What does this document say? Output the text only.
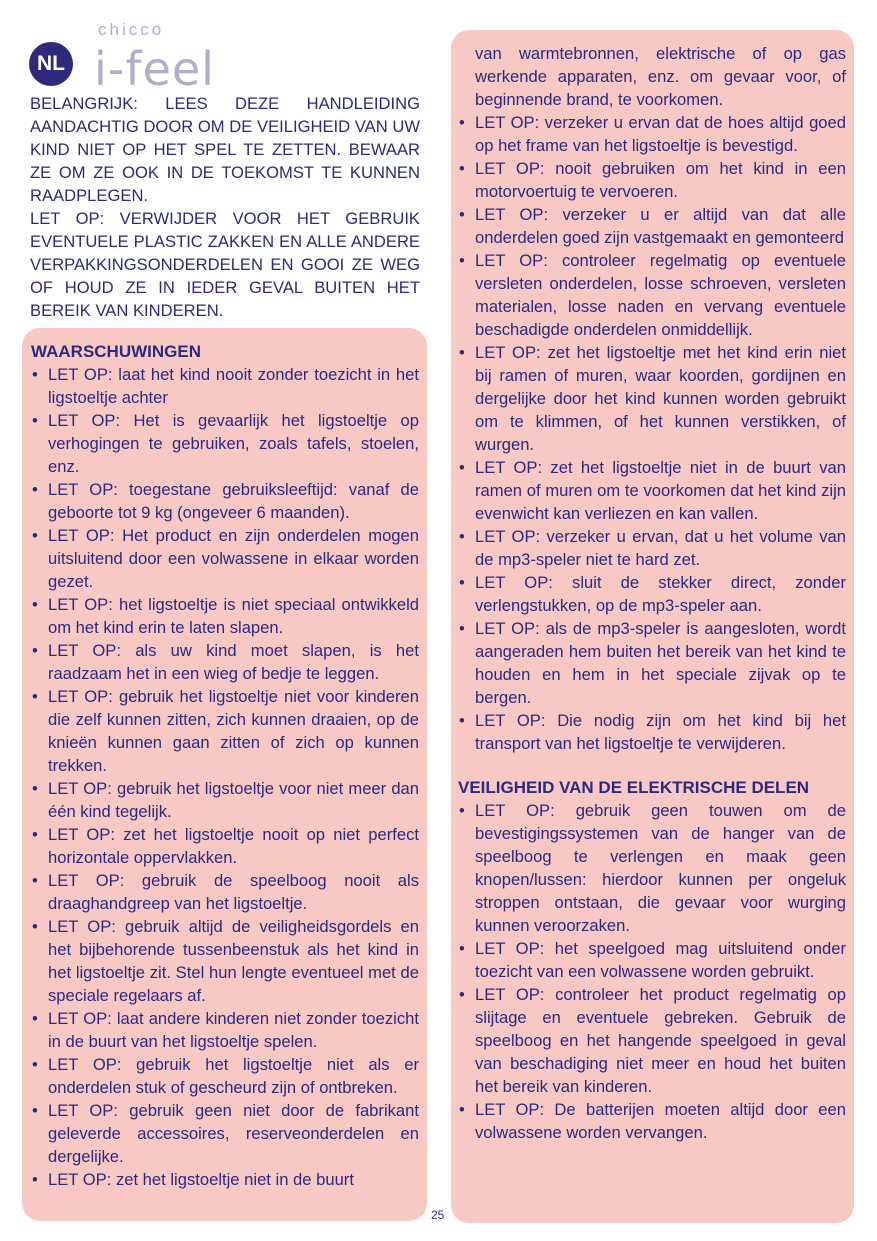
NL
chicco
i-feel

BELANGRIJK: LEES DEZE HANDLEIDING AANDACHTIG DOOR OM DE VEILIGHEID VAN UW KIND NIET OP HET SPEL TE ZETTEN. BEWAAR ZE OM ZE OOK IN DE TOEKOMST TE KUNNEN RAADPLEGEN.

LET OP: VERWIJDER VOOR HET GEBRUIK EVENTUELE PLASTIC ZAKKEN EN ALLE ANDERE VERPAKKINGSONDERDELEN EN GOOI ZE WEG OF HOUD ZE IN IEDER GEVAL BUITEN HET BEREIK VAN KINDEREN.

WAARSCHUWINGEN
• LET OP: laat het kind nooit zonder toezicht in het ligstoeltje achter
• LET OP: Het is gevaarlijk het ligstoeltje op verhogingen te gebruiken, zoals tafels, stoelen, enz.
• LET OP: toegestane gebruiksleeftijd: vanaf de geboorte tot 9 kg (ongeveer 6 maanden).
• LET OP: Het product en zijn onderdelen mogen uitsluitend door een volwassene in elkaar worden gezet.
• LET OP: het ligstoeltje is niet speciaal ontwikkeld om het kind erin te laten slapen.
• LET OP: als uw kind moet slapen, is het raadzaam het in een wieg of bedje te leggen.
• LET OP: gebruik het ligstoeltje niet voor kinderen die zelf kunnen zitten, zich kunnen draaien, op de knieën kunnen gaan zitten of zich op kunnen trekken.
• LET OP: gebruik het ligstoeltje voor niet meer dan één kind tegelijk.
• LET OP: zet het ligstoeltje nooit op niet perfect horizontale oppervlakken.
• LET OP: gebruik de speelboog nooit als draaghandgreep van het ligstoeltje.
• LET OP: gebruik altijd de veiligheidsgordels en het bijbehorende tussenbeenstuk als het kind in het ligstoeltje zit. Stel hun lengte eventueel met de speciale regelaars af.
• LET OP: laat andere kinderen niet zonder toezicht in de buurt van het ligstoeltje spelen.
• LET OP: gebruik het ligstoeltje niet als er onderdelen stuk of gescheurd zijn of ontbreken.
• LET OP: gebruik geen niet door de fabrikant geleverde accessoires, reserveonderdelen en dergelijke.
• LET OP: zet het ligstoeltje niet in de buurt

van warmtebronnen, elektrische of op gas werkende apparaten, enz. om gevaar voor, of beginnende brand, te voorkomen.

• LET OP: verzeker u ervan dat de hoes altijd goed op het frame van het ligstoeltje is bevestigd.
• LET OP: nooit gebruiken om het kind in een motorvoertuig te vervoeren.
• LET OP: verzeker u er altijd van dat alle onderdelen goed zijn vastgemaakt en gemonteerd
• LET OP: controleer regelmatig op eventuele versleten onderdelen, losse schroeven, versleten materialen, losse naden en vervang eventuele beschadigde onderdelen onmiddellijk.
• LET OP: zet het ligstoeltje met het kind erin niet bij ramen of muren, waar koorden, gordijnen en dergelijke door het kind kunnen worden gebruikt om te klimmen, of het kunnen verstikken, of wurgen.
• LET OP: zet het ligstoeltje niet in de buurt van ramen of muren om te voorkomen dat het kind zijn evenwicht kan verliezen en kan vallen.
• LET OP: verzeker u ervan, dat u het volume van de mp3-speler niet te hard zet.
• LET OP: sluit de stekker direct, zonder verlengstukken, op de mp3-speler aan.
• LET OP: als de mp3-speler is aangesloten, wordt aangeraden hem buiten het bereik van het kind te houden en hem in het speciale zijvak op te bergen.
• LET OP: Die nodig zijn om het kind bij het transport van het ligstoeltje te verwijderen.
VEILIGHEID VAN DE ELEKTRISCHE DELEN
• LET OP: gebruik geen touwen om de bevestigingssystemen van de hanger van de speelboog te verlengen en maak geen knopen/lussen: hierdoor kunnen per ongeluk stroppen ontstaan, die gevaar voor wurging kunnen veroorzaken.
• LET OP: het speelgoed mag uitsluitend onder toezicht van een volwassene worden gebruikt.
• LET OP: controleer het product regelmatig op slijtage en eventuele gebreken. Gebruik de speelboog en het hangende speelgoed in geval van beschadiging niet meer en houd het buiten het bereik van kinderen.
• LET OP: De batterijen moeten altijd door een volwassene worden vervangen.
25
